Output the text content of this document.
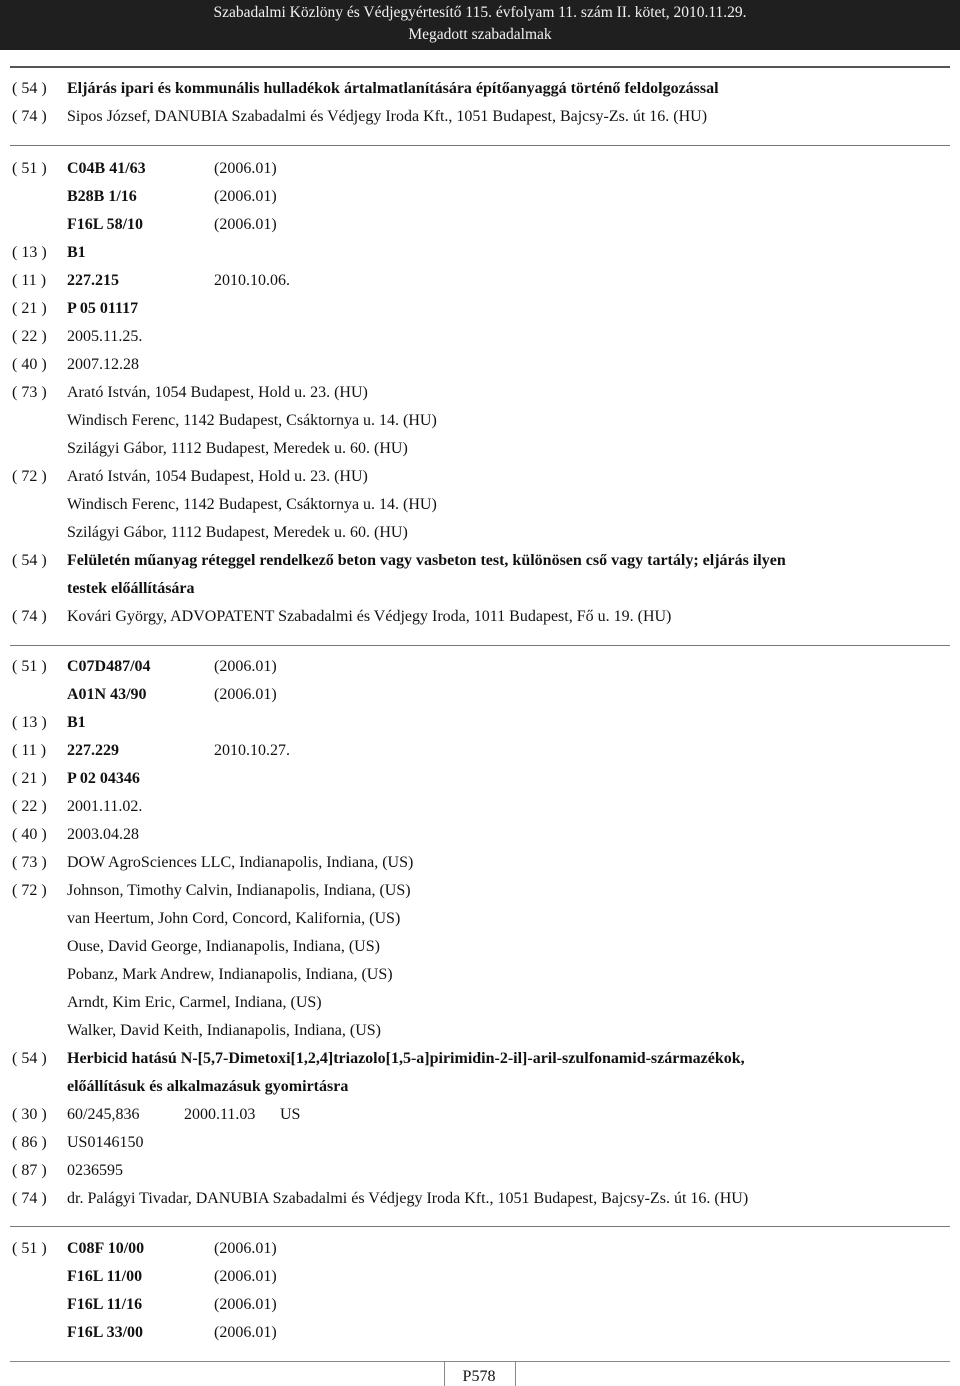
Szabadalmi Közlöny és Védjegyértesítő 115. évfolyam 11. szám II. kötet, 2010.11.29.
Megadott szabadalmak
( 54 )	Eljárás ipari és kommunális hulladékok ártalmatlanítására építőanyaggá történő feldolgozással
( 74 )	Sipos József, DANUBIA Szabadalmi és Védjegy Iroda Kft., 1051 Budapest, Bajcsy-Zs. út 16. (HU)
( 51 )	C04B 41/63	(2006.01)
B28B 1/16	(2006.01)
F16L 58/10	(2006.01)
( 13 )	B1
( 11 )	227.215	2010.10.06.
( 21 )	P 05 01117
( 22 )	2005.11.25.
( 40 )	2007.12.28
( 73 )	Arató István, 1054 Budapest, Hold u. 23. (HU)
Windisch Ferenc, 1142 Budapest, Csáktornya u. 14. (HU)
Szilágyi Gábor, 1112 Budapest, Meredek u. 60. (HU)
( 72 )	Arató István, 1054 Budapest, Hold u. 23. (HU)
Windisch Ferenc, 1142 Budapest, Csáktornya u. 14. (HU)
Szilágyi Gábor, 1112 Budapest, Meredek u. 60. (HU)
( 54 )	Felületén műanyag réteggel rendelkező beton vagy vasbeton test, különösen cső vagy tartály; eljárás ilyen
testek előállítására
( 74 )	Kovári György, ADVOPATENT Szabadalmi és Védjegy Iroda, 1011 Budapest, Fő u. 19. (HU)
( 51 )	C07D487/04	(2006.01)
A01N 43/90	(2006.01)
( 13 )	B1
( 11 )	227.229	2010.10.27.
( 21 )	P 02 04346
( 22 )	2001.11.02.
( 40 )	2003.04.28
( 73 )	DOW AgroSciences LLC, Indianapolis, Indiana, (US)
( 72 )	Johnson, Timothy Calvin, Indianapolis, Indiana, (US)
van Heertum, John Cord, Concord, Kalifornia, (US)
Ouse, David George, Indianapolis, Indiana, (US)
Pobanz, Mark Andrew, Indianapolis, Indiana, (US)
Arndt, Kim Eric, Carmel, Indiana, (US)
Walker, David Keith, Indianapolis, Indiana, (US)
( 54 )	Herbicid hatású N-[5,7-Dimetoxi[1,2,4]triazolo[1,5-a]pirimidin-2-il]-aril-szulfonamid-származékok,
előállításuk és alkalmazásuk gyomirtásra
( 30 )	60/245,836	2000.11.03 US
( 86 )	US0146150
( 87 )	0236595
( 74 )	dr. Palágyi Tivadar, DANUBIA Szabadalmi és Védjegy Iroda Kft., 1051 Budapest, Bajcsy-Zs. út 16. (HU)
( 51 )	C08F 10/00	(2006.01)
F16L 11/00	(2006.01)
F16L 11/16	(2006.01)
F16L 33/00	(2006.01)
P578
